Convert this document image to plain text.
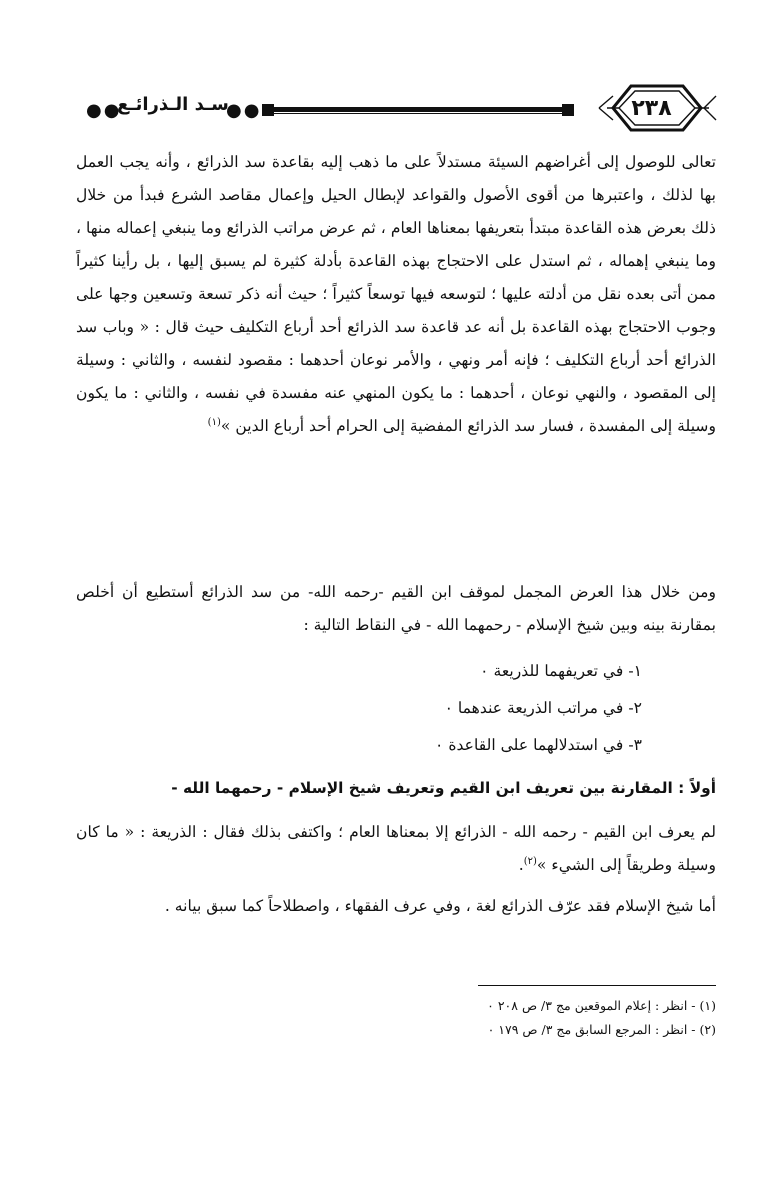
●●
سـد الـذرائـع
●●	٢٣٨

تعالى للوصول إلى أغراضهم السيئة مستدلاً على ما ذهب إليه بقاعدة سد الذرائع ، وأنه يجب العمل بها لذلك ، واعتبرها من أقوى الأصول والقواعد لإبطال الحيل وإعمال مقاصد الشرع فبدأ من خلال ذلك بعرض هذه القاعدة مبتدأ بتعريفها بمعناها العام ، ثم عرض مراتب الذرائع وما ينبغي إعماله منها ، وما ينبغي إهماله ، ثم استدل على الاحتجاج بهذه القاعدة بأدلة كثيرة لم يسبق إليها ، بل رأينا كثيراً ممن أتى بعده نقل من أدلته عليها ؛ لتوسعه فيها توسعاً كثيراً ؛ حيث أنه ذكر تسعة وتسعين وجها على وجوب الاحتجاج بهذه القاعدة بل أنه عد قاعدة سد الذرائع أحد أرباع التكليف حيث قال : « وباب سد الذرائع أحد أرباع التكليف ؛ فإنه أمر ونهي ، والأمر نوعان أحدهما : مقصود لنفسه ، والثاني : وسيلة إلى المقصود ، والنهي نوعان ، أحدهما : ما يكون المنهي عنه مفسدة في نفسه ، والثاني : ما يكون وسيلة إلى المفسدة ، فسار سد الذرائع المفضية إلى الحرام أحد أرباع الدين »$^{(١)}$

ومن خلال هذا العرض المجمل لموقف ابن القيم -رحمه الله- من سد الذرائع أستطيع أن أخلص بمقارنة بينه وبين شيخ الإسلام - رحمهما الله - في النقاط التالية :

١- في تعريفهما للذريعة ٠
٢- في مراتب الذريعة عندهما ٠
٣- في استدلالهما على القاعدة ٠
أولاً : المقارنة بين تعريف ابن القيم وتعريف شيخ الإسلام - رحمهما الله -

لم يعرف ابن القيم - رحمه الله - الذرائع إلا بمعناها العام ؛ واكتفى بذلك فقال : الذريعة : « ما كان وسيلة وطريقاً إلى الشيء »$^{(٢)}$.

أما شيخ الإسلام فقد عرّف الذرائع لغة ، وفي عرف الفقهاء ، واصطلاحاً كما سبق بيانه .

(١) - انظر : إعلام الموقعين مج ٣/ ص ٢٠٨ ٠
(٢) - انظر : المرجع السابق مج ٣/ ص ١٧٩ ٠
